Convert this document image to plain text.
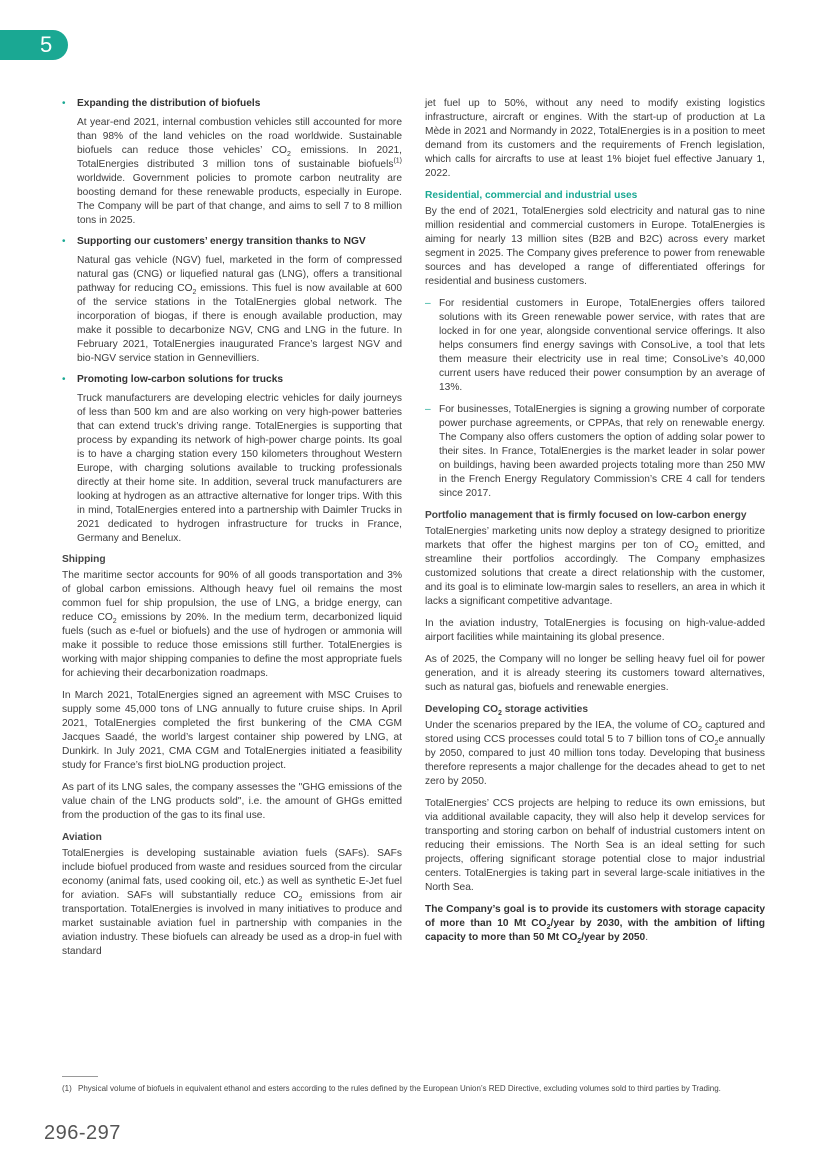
5
• Expanding the distribution of biofuels

At year-end 2021, internal combustion vehicles still accounted for more than 98% of the land vehicles on the road worldwide. Sustainable biofuels can reduce those vehicles’ $CO_2$ emissions. In 2021, TotalEnergies distributed 3 million tons of sustainable biofuels$^{(1)}$ worldwide. Government policies to promote carbon neutrality are boosting demand for these renewable products, especially in Europe. The Company will be part of that change, and aims to sell 7 to 8 million tons in 2025.

• Supporting our customers’ energy transition thanks to NGV

Natural gas vehicle (NGV) fuel, marketed in the form of compressed natural gas (CNG) or liquefied natural gas (LNG), offers a transitional pathway for reducing $CO_2$ emissions. This fuel is now available at 600 of the service stations in the TotalEnergies global network. The incorporation of biogas, if there is enough available production, may make it possible to decarbonize NGV, CNG and LNG in the future. In February 2021, TotalEnergies inaugurated France’s largest NGV and bio-NGV service station in Gennevilliers.

• Promoting low-carbon solutions for trucks

Truck manufacturers are developing electric vehicles for daily journeys of less than 500 km and are also working on very high-power batteries that can extend truck’s driving range. TotalEnergies is supporting that process by expanding its network of high-power charge points. Its goal is to have a charging station every 150 kilometers throughout Western Europe, with charging solutions available to trucking professionals directly at their home site. In addition, several truck manufacturers are looking at hydrogen as an attractive alternative for longer trips. With this in mind, TotalEnergies entered into a partnership with Daimler Trucks in 2021 dedicated to hydrogen infrastructure for trucks in France, Germany and Benelux.

Shipping

The maritime sector accounts for 90% of all goods transportation and 3% of global carbon emissions. Although heavy fuel oil remains the most common fuel for ship propulsion, the use of LNG, a bridge energy, can reduce $CO_2$ emissions by 20%. In the medium term, decarbonized liquid fuels (such as e-fuel or biofuels) and the use of hydrogen or ammonia will make it possible to reduce those emissions still further. TotalEnergies is working with major shipping companies to define the most appropriate fuels for achieving their decarbonization roadmaps.

In March 2021, TotalEnergies signed an agreement with MSC Cruises to supply some 45,000 tons of LNG annually to future cruise ships. In April 2021, TotalEnergies completed the first bunkering of the CMA CGM Jacques Saadé, the world’s largest container ship powered by LNG, at Dunkirk. In July 2021, CMA CGM and TotalEnergies initiated a feasibility study for France’s first bioLNG production project.

As part of its LNG sales, the company assesses the "GHG emissions of the value chain of the LNG products sold", i.e. the amount of GHGs emitted from the production of the gas to its final use.

Aviation

TotalEnergies is developing sustainable aviation fuels (SAFs). SAFs include biofuel produced from waste and residues sourced from the circular economy (animal fats, used cooking oil, etc.) as well as synthetic E-Jet fuel for aviation. SAFs will substantially reduce $CO_2$ emissions from air transportation. TotalEnergies is involved in many initiatives to produce and market sustainable aviation fuel in partnership with companies in the aviation industry. These biofuels can already be used as a drop-in fuel with standard

jet fuel up to 50%, without any need to modify existing logistics infrastructure, aircraft or engines. With the start-up of production at La Mède in 2021 and Normandy in 2022, TotalEnergies is in a position to meet demand from its customers and the requirements of French legislation, which calls for aircrafts to use at least 1% biojet fuel effective January 1, 2022.

Residential, commercial and industrial uses

By the end of 2021, TotalEnergies sold electricity and natural gas to nine million residential and commercial customers in Europe. TotalEnergies is aiming for nearly 13 million sites (B2B and B2C) across every market segment in 2025. The Company gives preference to power from renewable sources and has developed a range of differentiated offerings for residential and business customers.

– For residential customers in Europe, TotalEnergies offers tailored solutions with its Green renewable power service, with rates that are locked in for one year, alongside conventional service offerings. It also helps consumers find energy savings with ConsoLive, a tool that lets them measure their electricity use in real time; ConsoLive’s 40,000 current users have reduced their power consumption by an average of 13%.
– For businesses, TotalEnergies is signing a growing number of corporate power purchase agreements, or CPPAs, that rely on renewable energy. The Company also offers customers the option of adding solar power to their sites. In France, TotalEnergies is the market leader in solar power on buildings, having been awarded projects totaling more than 250 MW in the French Energy Regulatory Commission’s CRE 4 call for tenders since 2017.
Portfolio management that is firmly focused on low-carbon energy

TotalEnergies’ marketing units now deploy a strategy designed to prioritize markets that offer the highest margins per ton of $CO_2$ emitted, and streamline their portfolios accordingly. The Company emphasizes customized solutions that create a direct relationship with the customer, and its goal is to eliminate low-margin sales to resellers, an area in which it lacks a significant competitive advantage.

In the aviation industry, TotalEnergies is focusing on high-value-added airport facilities while maintaining its global presence.

As of 2025, the Company will no longer be selling heavy fuel oil for power generation, and it is already steering its customers toward alternatives, such as natural gas, biofuels and renewable energies.

Developing $CO_2$ storage activities

Under the scenarios prepared by the IEA, the volume of $CO_2$ captured and stored using CCS processes could total 5 to 7 billion tons of $CO_2e$ annually by 2050, compared to just 40 million tons today. Developing that business therefore represents a major challenge for the decades ahead to get to net zero by 2050.

TotalEnergies’ CCS projects are helping to reduce its own emissions, but via additional available capacity, they will also help it develop services for transporting and storing carbon on behalf of industrial customers intent on reducing their emissions. The North Sea is an ideal setting for such projects, offering significant storage potential close to major industrial centers. TotalEnergies is taking part in several large-scale initiatives in the North Sea.

The Company’s goal is to provide its customers with storage capacity of more than 10 Mt $CO_2$/year by 2030, with the ambition of lifting capacity to more than 50 Mt $CO_2$/year by 2050.

(1) Physical volume of biofuels in equivalent ethanol and esters according to the rules defined by the European Union’s RED Directive, excluding volumes sold to third parties by Trading.
296-297
